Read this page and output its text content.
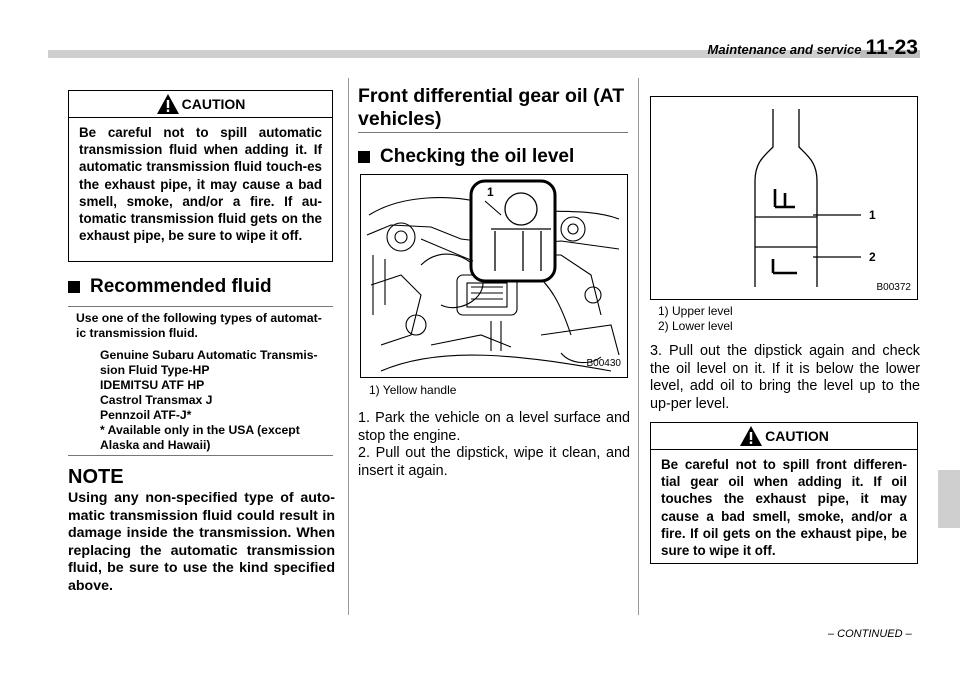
Maintenance and service 11-23
CAUTION
Be careful not to spill automatic transmission fluid when adding it. If automatic transmission fluid touch-es the exhaust pipe, it may cause a bad smell, smoke, and/or a fire. If au-tomatic transmission fluid gets on the exhaust pipe, be sure to wipe it off.
Recommended fluid
Use one of the following types of automat-ic transmission fluid.
Genuine Subaru Automatic Transmis-sion Fluid Type-HP
IDEMITSU ATF HP
Castrol Transmax J
Pennzoil ATF-J*
* Available only in the USA (except Alaska and Hawaii)
NOTE
Using any non-specified type of auto-matic transmission fluid could result in damage inside the transmission. When replacing the automatic transmission fluid, be sure to use the kind specified above.
Front differential gear oil (AT vehicles)
Checking the oil level
1
B00430
1) Yellow handle
1. Park the vehicle on a level surface and stop the engine.
2. Pull out the dipstick, wipe it clean, and insert it again.
1
2
B00372
1) Upper level
2) Lower level
3. Pull out the dipstick again and check the oil level on it. If it is below the lower level, add oil to bring the level up to the up-per level.
CAUTION
Be careful not to spill front differen-tial gear oil when adding it. If oil touches the exhaust pipe, it may cause a bad smell, smoke, and/or a fire. If oil gets on the exhaust pipe, be sure to wipe it off.
– CONTINUED –
